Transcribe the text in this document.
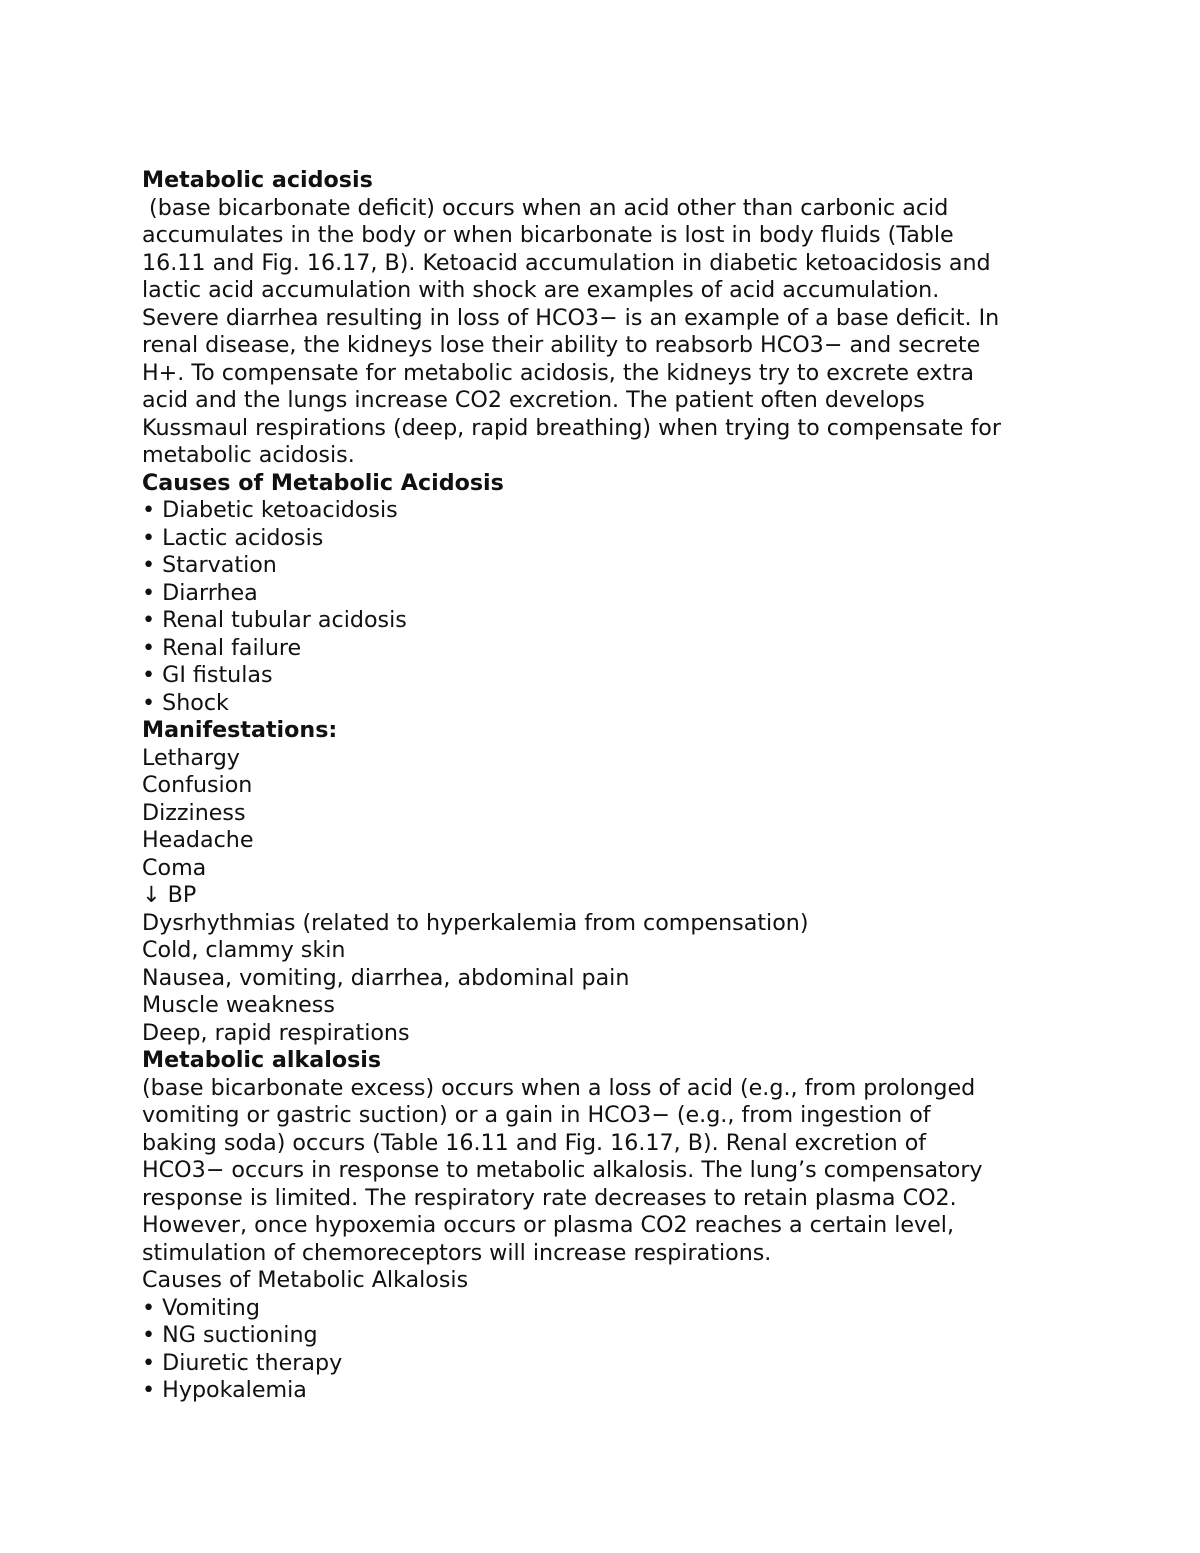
Metabolic acidosis
(base bicarbonate deficit) occurs when an acid other than carbonic acid
accumulates in the body or when bicarbonate is lost in body fluids (Table
16.11 and Fig. 16.17, B). Ketoacid accumulation in diabetic ketoacidosis and
lactic acid accumulation with shock are examples of acid accumulation.
Severe diarrhea resulting in loss of HCO3− is an example of a base deficit. In
renal disease, the kidneys lose their ability to reabsorb HCO3− and secrete
H+. To compensate for metabolic acidosis, the kidneys try to excrete extra
acid and the lungs increase CO2 excretion. The patient often develops
Kussmaul respirations (deep, rapid breathing) when trying to compensate for
metabolic acidosis.
Causes of Metabolic Acidosis
• Diabetic ketoacidosis
• Lactic acidosis
• Starvation
• Diarrhea
• Renal tubular acidosis
• Renal failure
• GI fistulas
• Shock
Manifestations:
Lethargy
Confusion
Dizziness
Headache
Coma
↓ BP
Dysrhythmias (related to hyperkalemia from compensation)
Cold, clammy skin
Nausea, vomiting, diarrhea, abdominal pain
Muscle weakness
Deep, rapid respirations
Metabolic alkalosis
(base bicarbonate excess) occurs when a loss of acid (e.g., from prolonged
vomiting or gastric suction) or a gain in HCO3− (e.g., from ingestion of
baking soda) occurs (Table 16.11 and Fig. 16.17, B). Renal excretion of
HCO3− occurs in response to metabolic alkalosis. The lung’s compensatory
response is limited. The respiratory rate decreases to retain plasma CO2.
However, once hypoxemia occurs or plasma CO2 reaches a certain level,
stimulation of chemoreceptors will increase respirations.
Causes of Metabolic Alkalosis
• Vomiting
• NG suctioning
• Diuretic therapy
• Hypokalemia
